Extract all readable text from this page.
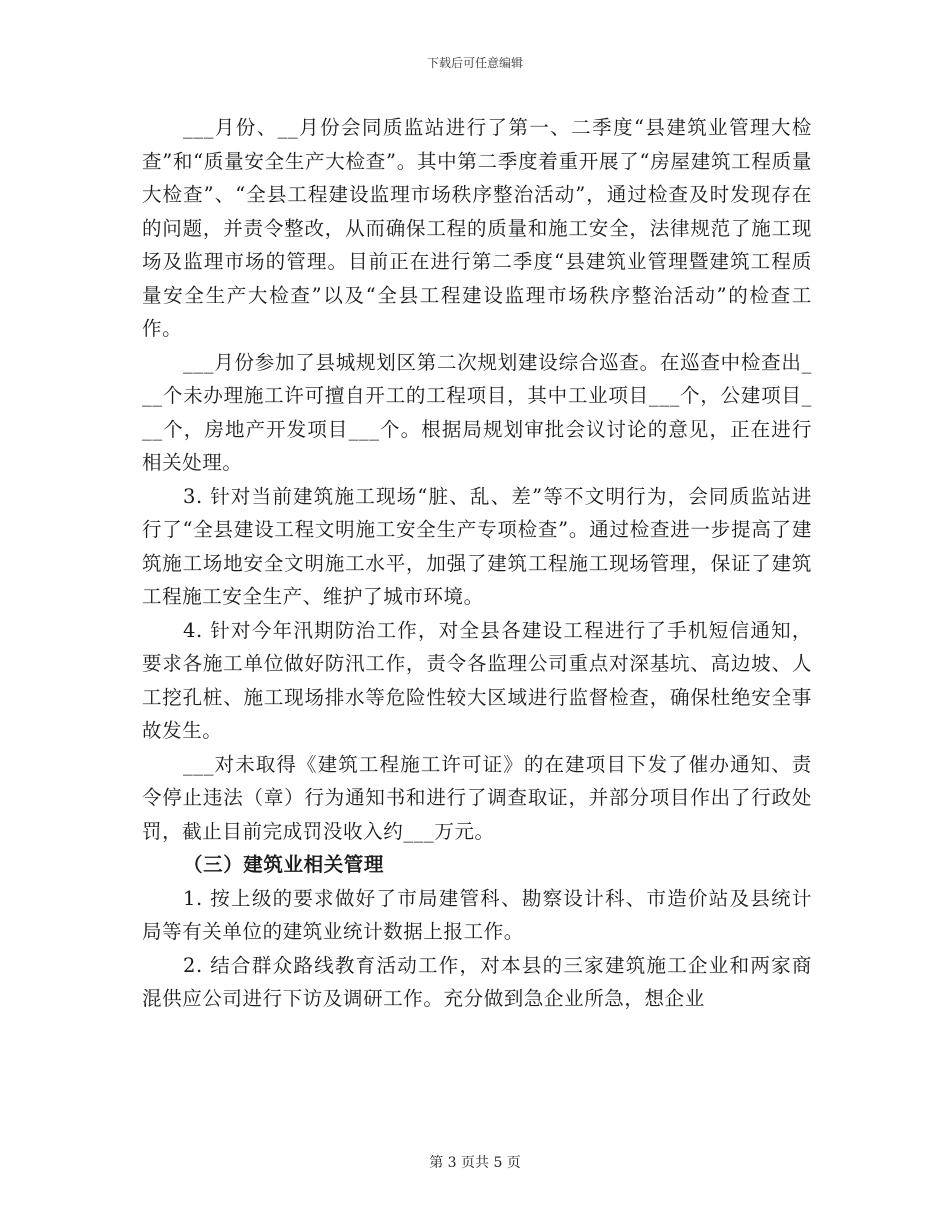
下载后可任意编辑

___月份、__月份会同质监站进行了第一、二季度“县建筑业管理大检查”和“质量安全生产大检查”。其中第二季度着重开展了“房屋建筑工程质量大检查”、“全县工程建设监理市场秩序整治活动”，通过检查及时发现存在的问题，并责令整改，从而确保工程的质量和施工安全，法律规范了施工现场及监理市场的管理。目前正在进行第二季度“县建筑业管理暨建筑工程质量安全生产大检查”以及“全县工程建设监理市场秩序整治活动”的检查工作。

___月份参加了县城规划区第二次规划建设综合巡查。在巡查中检查出___个未办理施工许可擅自开工的工程项目，其中工业项目___个，公建项目___个，房地产开发项目___个。根据局规划审批会议讨论的意见，正在进行相关处理。

3. 针对当前建筑施工现场“脏、乱、差”等不文明行为，会同质监站进行了“全县建设工程文明施工安全生产专项检查”。通过检查进一步提高了建筑施工场地安全文明施工水平，加强了建筑工程施工现场管理，保证了建筑工程施工安全生产、维护了城市环境。

4. 针对今年汛期防治工作，对全县各建设工程进行了手机短信通知，要求各施工单位做好防汛工作，责令各监理公司重点对深基坑、高边坡、人工挖孔桩、施工现场排水等危险性较大区域进行监督检查，确保杜绝安全事故发生。

___对未取得《建筑工程施工许可证》的在建项目下发了催办通知、责令停止违法（章）行为通知书和进行了调查取证，并部分项目作出了行政处罚，截止目前完成罚没收入约___万元。

（三）建筑业相关管理

1. 按上级的要求做好了市局建管科、勘察设计科、市造价站及县统计局等有关单位的建筑业统计数据上报工作。

2. 结合群众路线教育活动工作，对本县的三家建筑施工企业和两家商混供应公司进行下访及调研工作。充分做到急企业所急，想企业

第 3 页共 5 页
